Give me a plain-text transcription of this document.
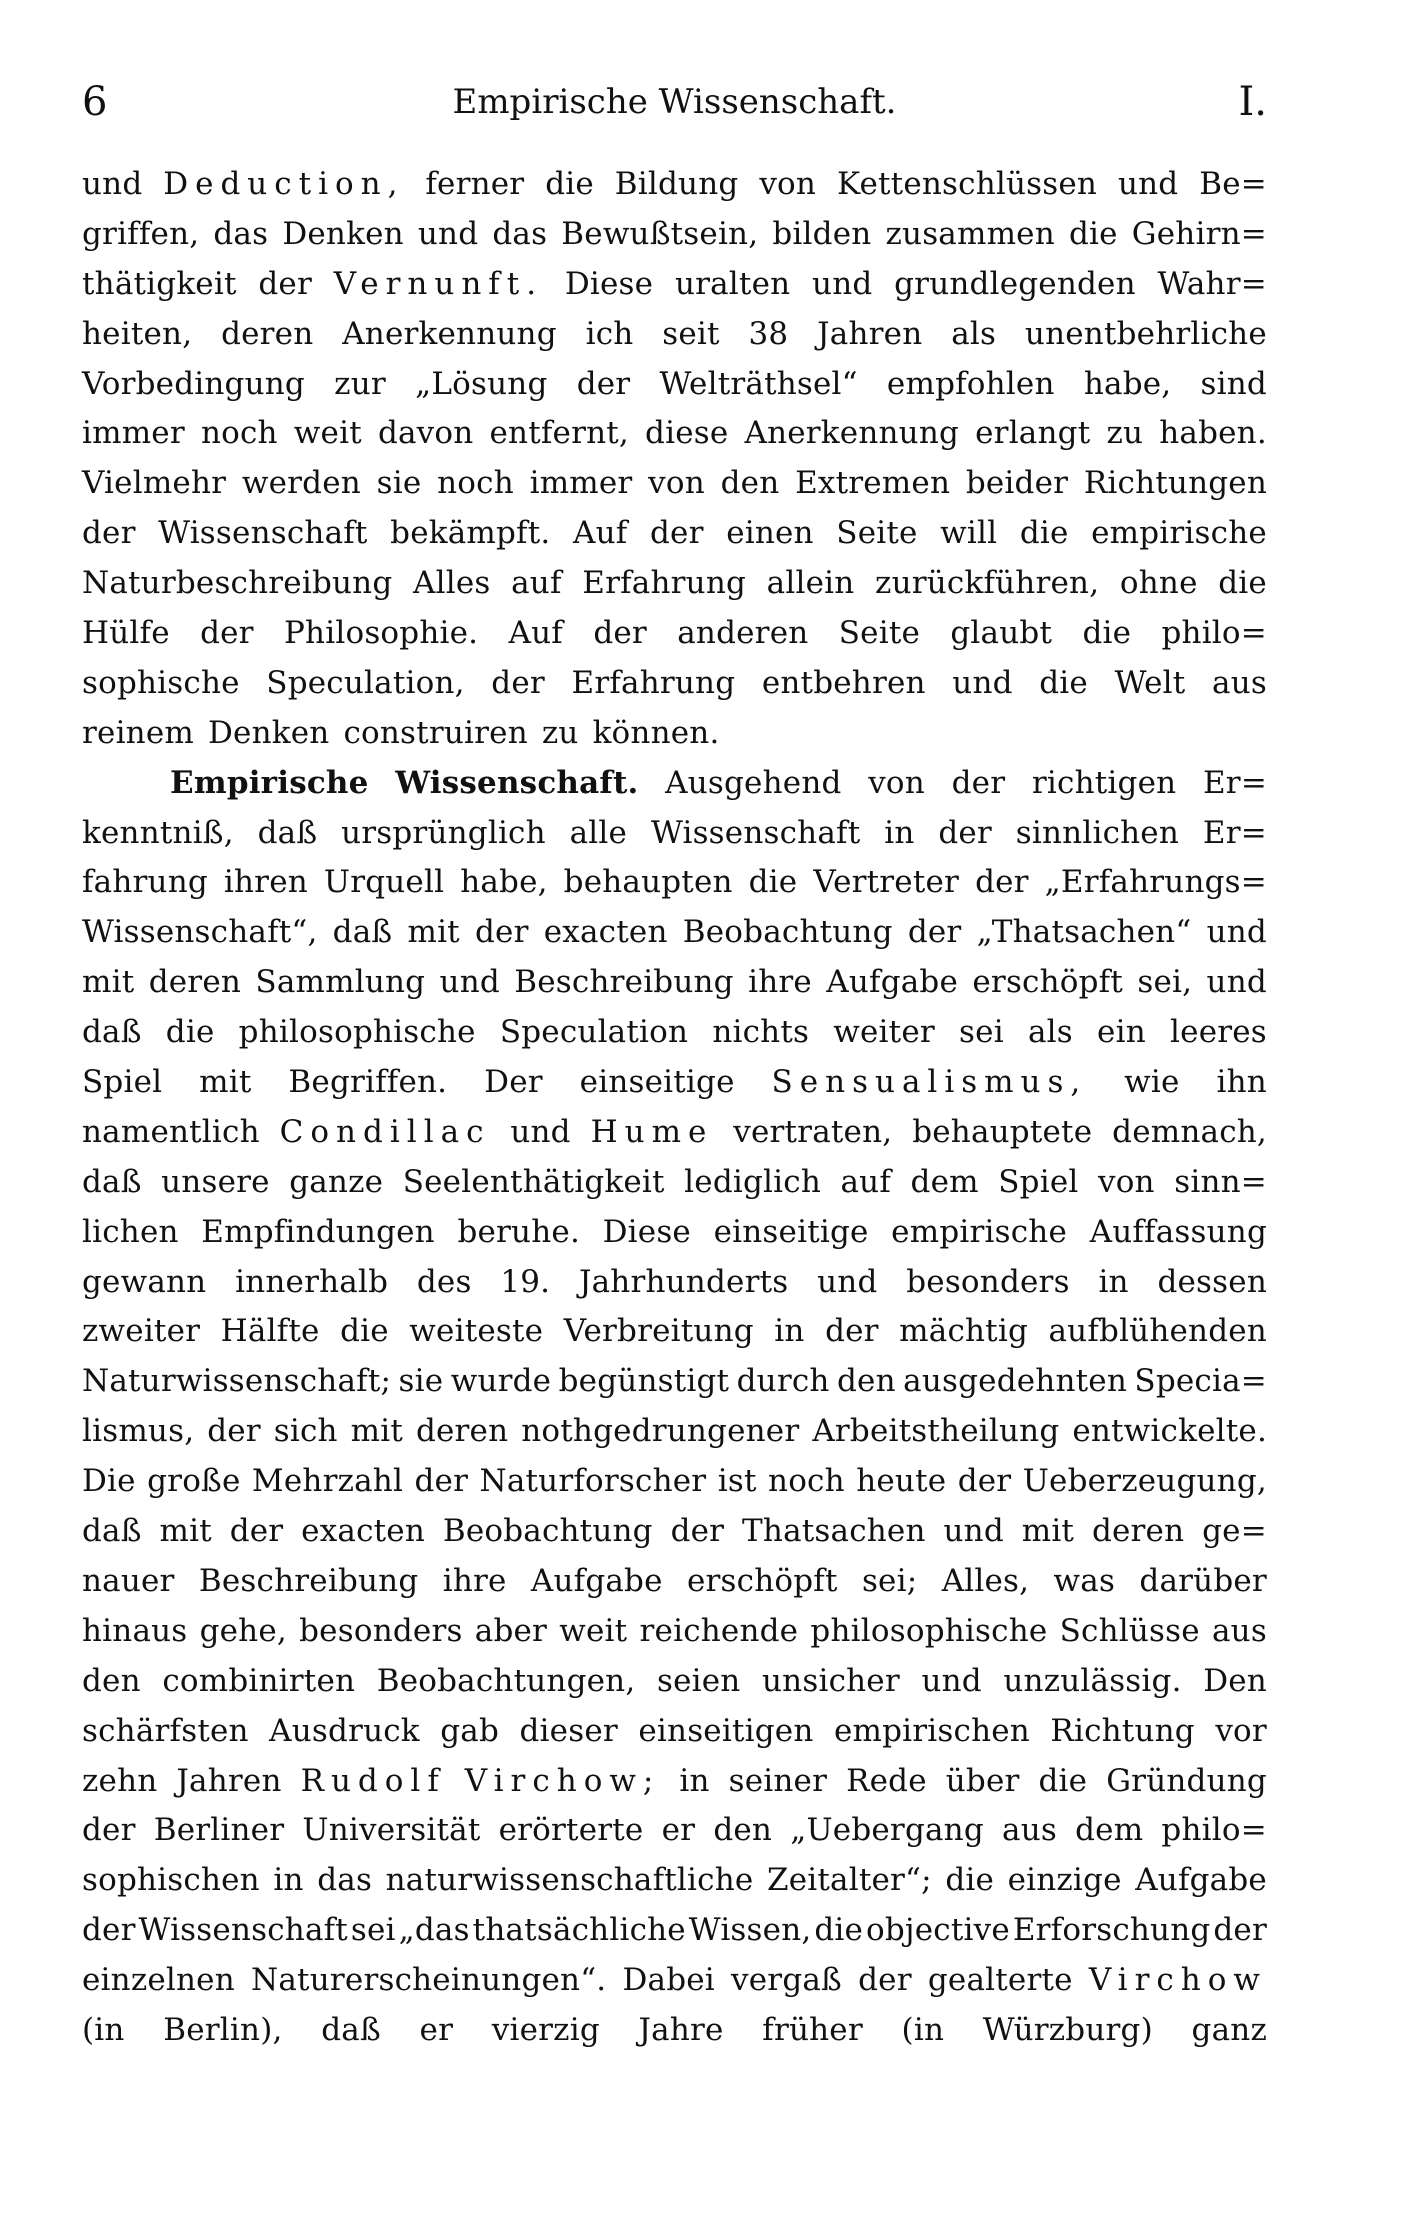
6	Empirische Wissenschaft.	I.
und Deduction, ferner die Bildung von Kettenschlüssen und Be=
griffen, das Denken und das Bewußtsein, bilden zusammen die Gehirn=
thätigkeit der Vernunft. Diese uralten und grundlegenden Wahr=
heiten, deren Anerkennung ich seit 38 Jahren als unentbehrliche
Vorbedingung zur „Lösung der Welträthsel“ empfohlen habe, sind
immer noch weit davon entfernt, diese Anerkennung erlangt zu haben.
Vielmehr werden sie noch immer von den Extremen beider Richtungen
der Wissenschaft bekämpft. Auf der einen Seite will die empirische
Naturbeschreibung Alles auf Erfahrung allein zurückführen, ohne die
Hülfe der Philosophie. Auf der anderen Seite glaubt die philo=
sophische Speculation, der Erfahrung entbehren und die Welt aus
reinem Denken construiren zu können.
Empirische Wissenschaft. Ausgehend von der richtigen Er=
kenntniß, daß ursprünglich alle Wissenschaft in der sinnlichen Er=
fahrung ihren Urquell habe, behaupten die Vertreter der „Erfahrungs=
Wissenschaft“, daß mit der exacten Beobachtung der „Thatsachen“ und
mit deren Sammlung und Beschreibung ihre Aufgabe erschöpft sei, und
daß die philosophische Speculation nichts weiter sei als ein leeres
Spiel mit Begriffen. Der einseitige Sensualismus, wie ihn
namentlich Condillac und Hume vertraten, behauptete demnach,
daß unsere ganze Seelenthätigkeit lediglich auf dem Spiel von sinn=
lichen Empfindungen beruhe. Diese einseitige empirische Auffassung
gewann innerhalb des 19. Jahrhunderts und besonders in dessen
zweiter Hälfte die weiteste Verbreitung in der mächtig aufblühenden
Naturwissenschaft; sie wurde begünstigt durch den ausgedehnten Specia=
lismus, der sich mit deren nothgedrungener Arbeitstheilung entwickelte.
Die große Mehrzahl der Naturforscher ist noch heute der Ueberzeugung,
daß mit der exacten Beobachtung der Thatsachen und mit deren ge=
nauer Beschreibung ihre Aufgabe erschöpft sei; Alles, was darüber
hinaus gehe, besonders aber weit reichende philosophische Schlüsse aus
den combinirten Beobachtungen, seien unsicher und unzulässig. Den
schärfsten Ausdruck gab dieser einseitigen empirischen Richtung vor
zehn Jahren Rudolf Virchow; in seiner Rede über die Gründung
der Berliner Universität erörterte er den „Uebergang aus dem philo=
sophischen in das naturwissenschaftliche Zeitalter“; die einzige Aufgabe
der Wissenschaft sei „das thatsächliche Wissen, die objective Erforschung der
einzelnen Naturerscheinungen“. Dabei vergaß der gealterte Virchow
(in Berlin), daß er vierzig Jahre früher (in Würzburg) ganz
